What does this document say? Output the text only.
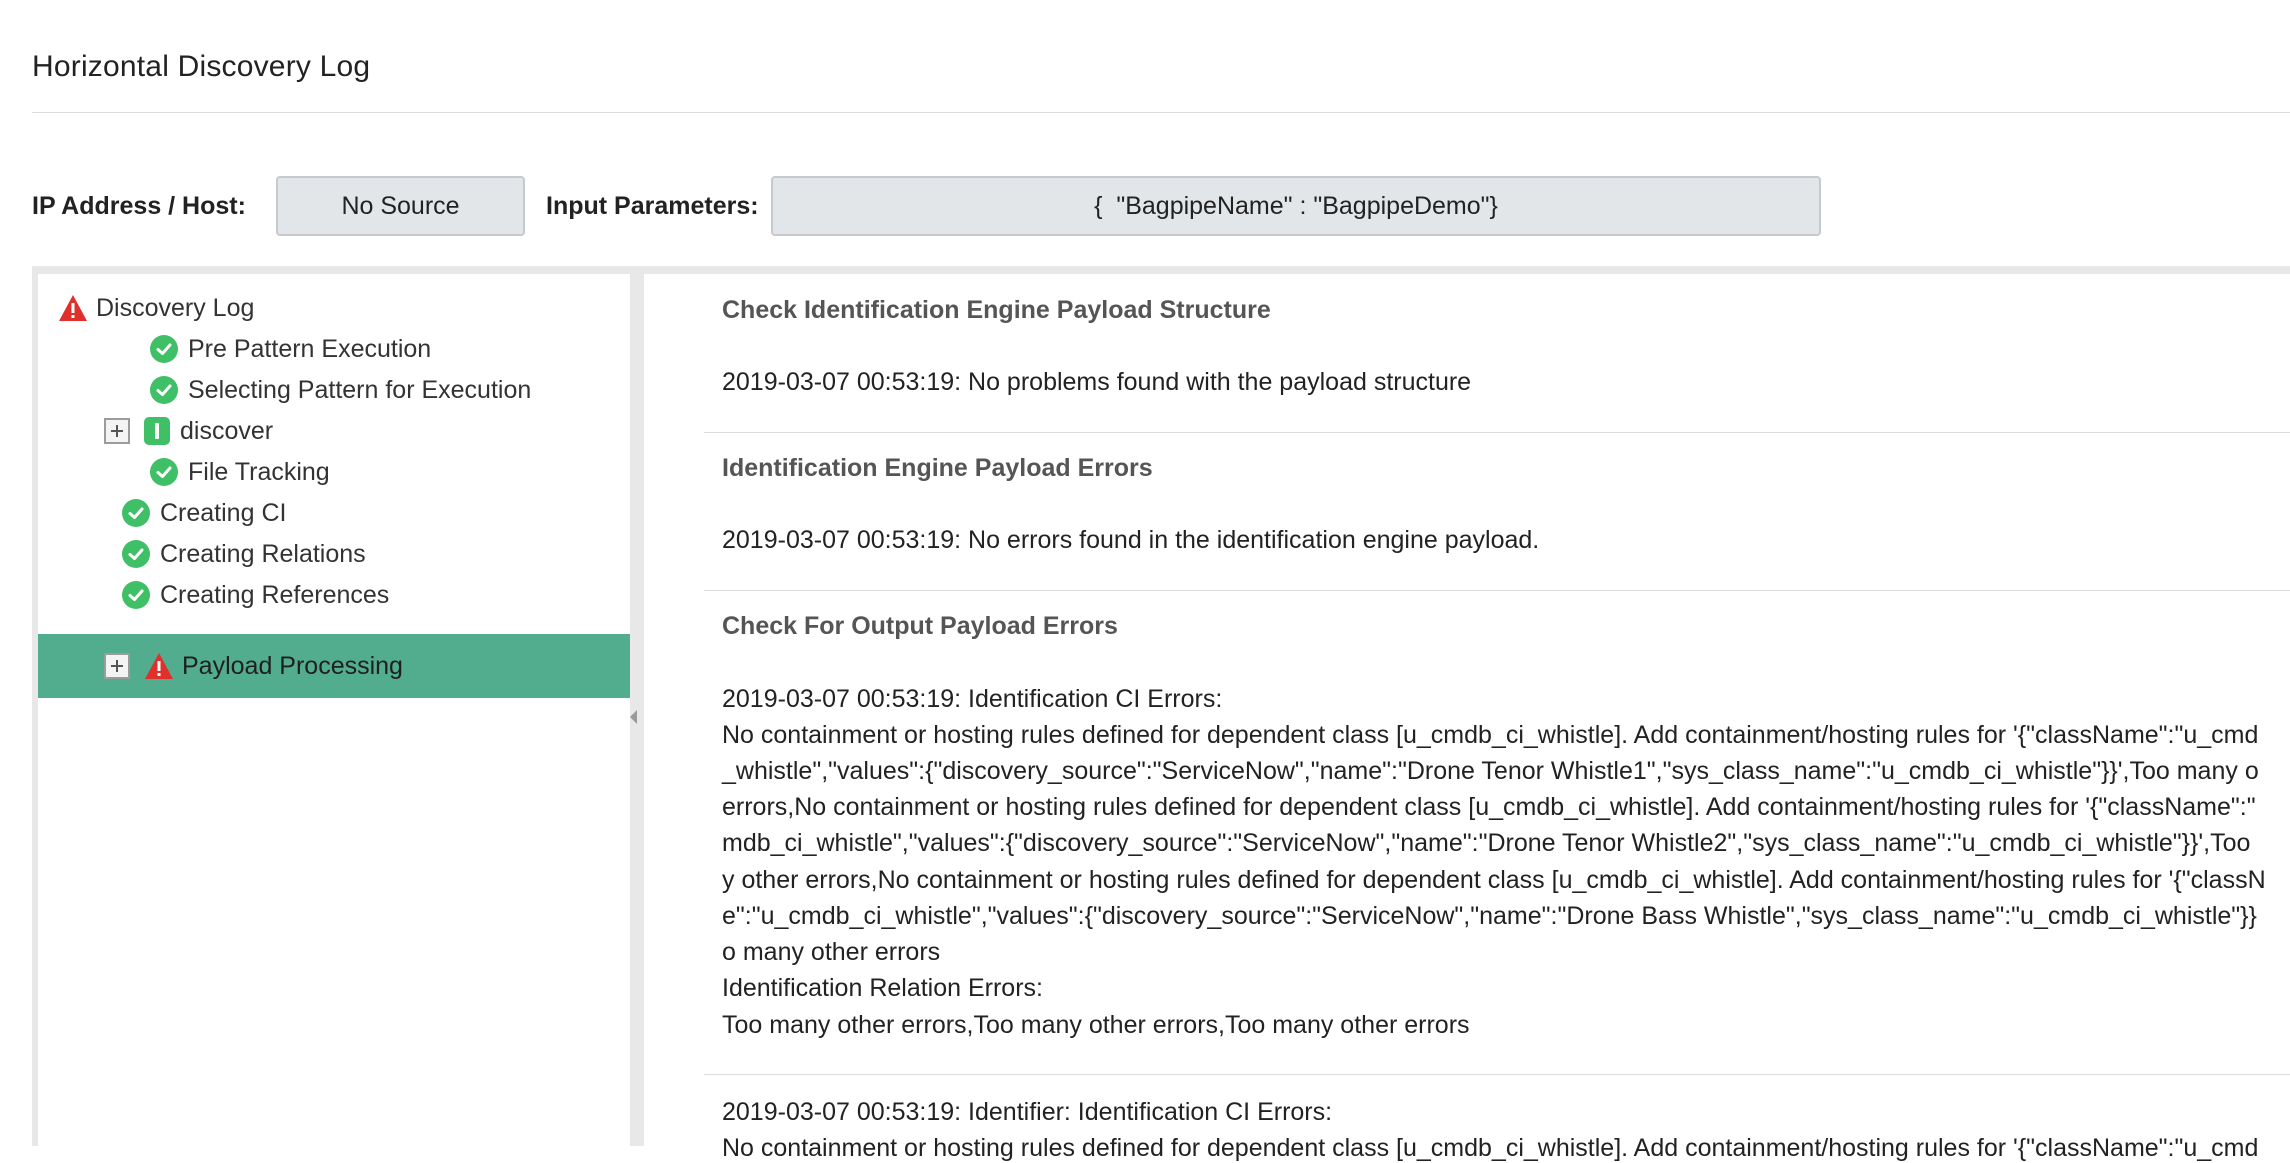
Horizontal Discovery Log
IP Address / Host:	No Source	Input Parameters:	{  "BagpipeName" : "BagpipeDemo"}
Discovery Log
Pre Pattern Execution
Selecting Pattern for Execution
discover
File Tracking
Creating CI
Creating Relations
Creating References
Payload Processing
Check Identification Engine Payload Structure
2019-03-07 00:53:19: No problems found with the payload structure
Identification Engine Payload Errors
2019-03-07 00:53:19: No errors found in the identification engine payload.
Check For Output Payload Errors
2019-03-07 00:53:19: Identification CI Errors:
No containment or hosting rules defined for dependent class [u_cmdb_ci_whistle]. Add containment/hosting rules for '{"className":"u_cmd
_whistle","values":{"discovery_source":"ServiceNow","name":"Drone Tenor Whistle1","sys_class_name":"u_cmdb_ci_whistle"}}',Too many o
errors,No containment or hosting rules defined for dependent class [u_cmdb_ci_whistle]. Add containment/hosting rules for '{"className":"
mdb_ci_whistle","values":{"discovery_source":"ServiceNow","name":"Drone Tenor Whistle2","sys_class_name":"u_cmdb_ci_whistle"}}',Too
y other errors,No containment or hosting rules defined for dependent class [u_cmdb_ci_whistle]. Add containment/hosting rules for '{"classN
e":"u_cmdb_ci_whistle","values":{"discovery_source":"ServiceNow","name":"Drone Bass Whistle","sys_class_name":"u_cmdb_ci_whistle"}}
o many other errors
Identification Relation Errors:
Too many other errors,Too many other errors,Too many other errors
2019-03-07 00:53:19: Identifier: Identification CI Errors:
No containment or hosting rules defined for dependent class [u_cmdb_ci_whistle]. Add containment/hosting rules for '{"className":"u_cmd
